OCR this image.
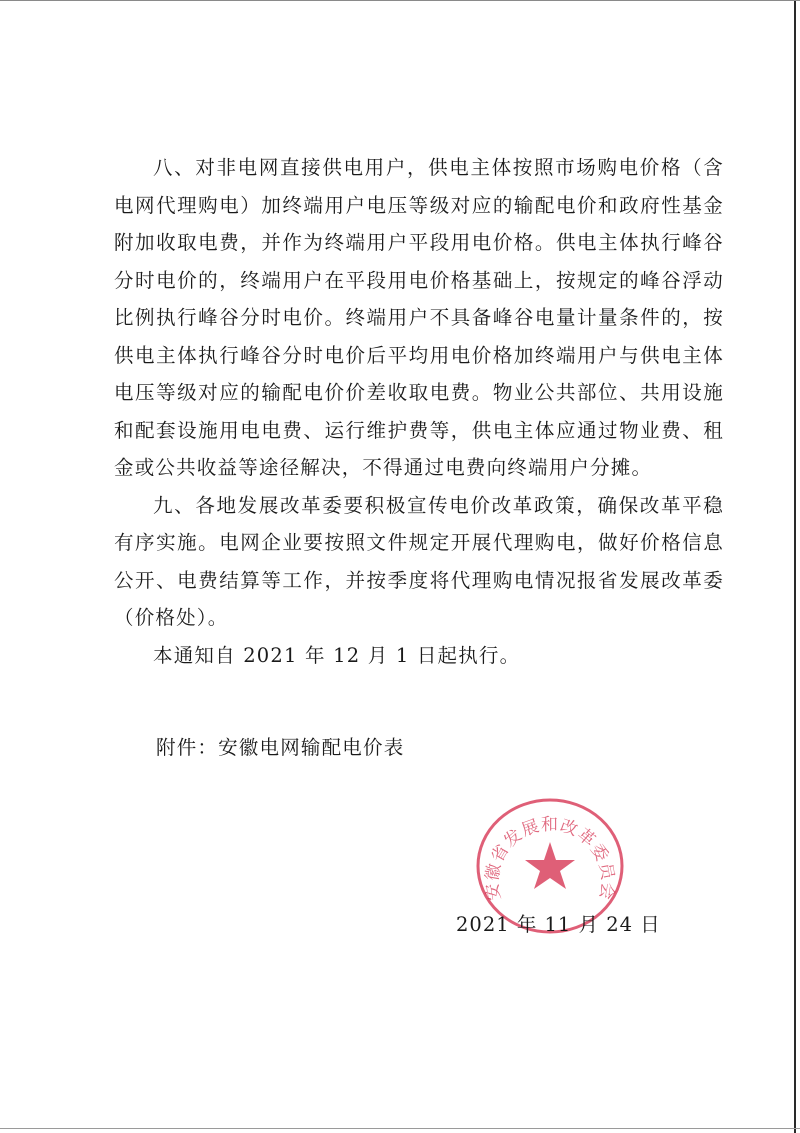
八、对非电网直接供电用户，供电主体按照市场购电价格（含电网代理购电）加终端用户电压等级对应的输配电价和政府性基金附加收取电费，并作为终端用户平段用电价格。供电主体执行峰谷分时电价的，终端用户在平段用电价格基础上，按规定的峰谷浮动比例执行峰谷分时电价。终端用户不具备峰谷电量计量条件的，按供电主体执行峰谷分时电价后平均用电价格加终端用户与供电主体电压等级对应的输配电价价差收取电费。物业公共部位、共用设施和配套设施用电电费、运行维护费等，供电主体应通过物业费、租金或公共收益等途径解决，不得通过电费向终端用户分摊。

九、各地发展改革委要积极宣传电价改革政策，确保改革平稳有序实施。电网企业要按照文件规定开展代理购电，做好价格信息公开、电费结算等工作，并按季度将代理购电情况报省发展改革委（价格处）。

本通知自 2021 年 12 月 1 日起执行。

附件：安徽电网输配电价表
安徽省发展和改革委员会
2021 年 11 月 24 日
